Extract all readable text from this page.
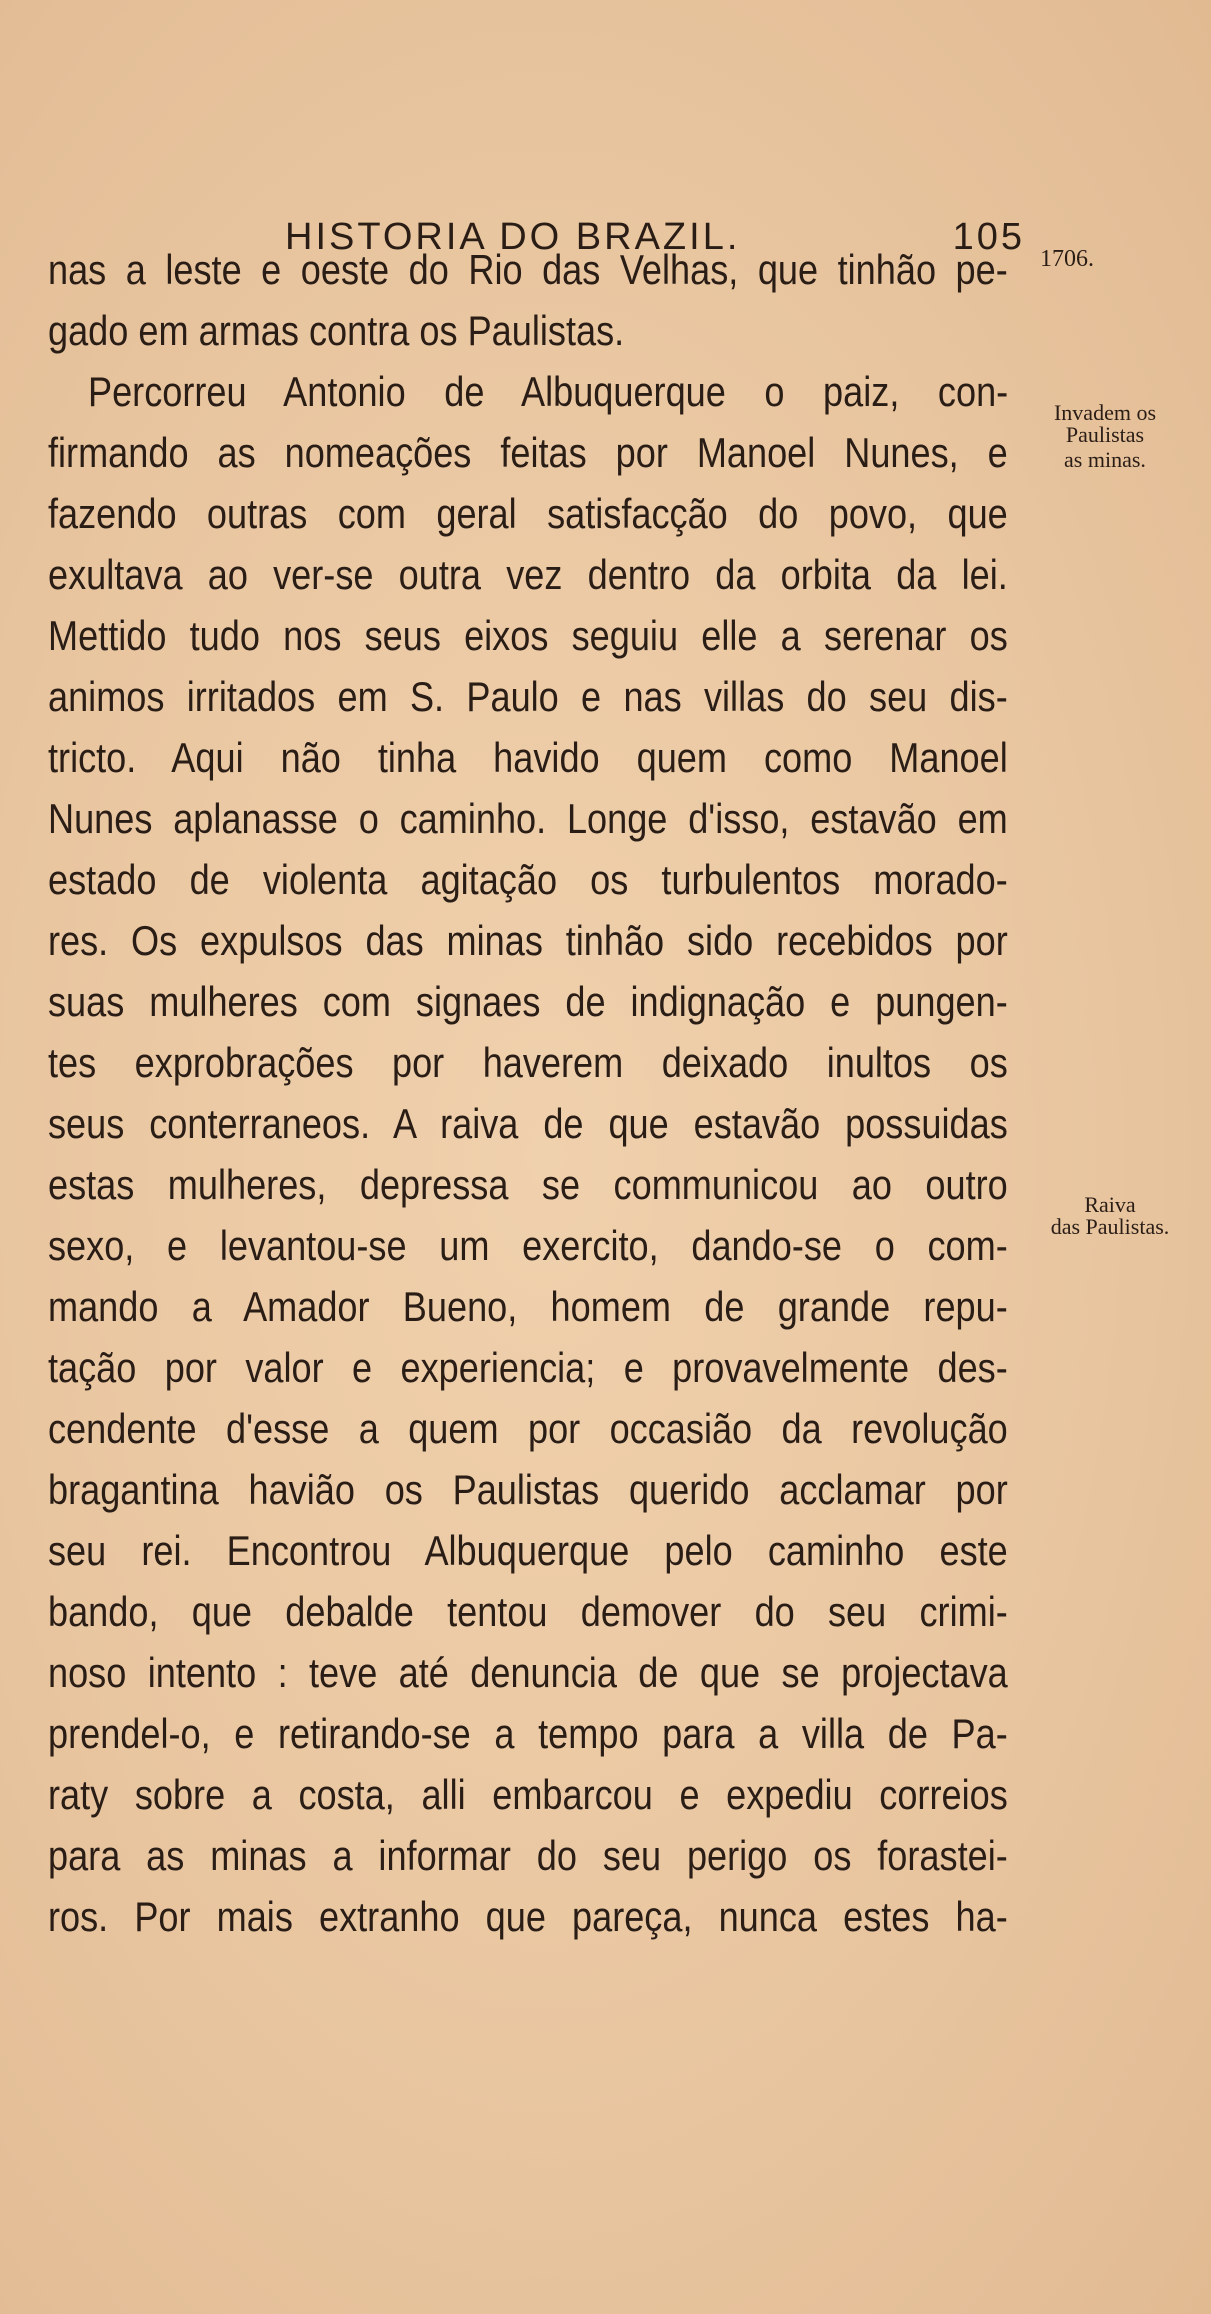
HISTORIA DO BRAZIL.	105
1706.
Invadem os
Paulistas
as minas.
Raiva
das Paulistas.
nas a leste e oeste do Rio das Velhas, que tinhão pe-
gado em armas contra os Paulistas.
Percorreu Antonio de Albuquerque o paiz, con-
firmando as nomeações feitas por Manoel Nunes, e
fazendo outras com geral satisfacção do povo, que
exultava ao ver-se outra vez dentro da orbita da lei.
Mettido tudo nos seus eixos seguiu elle a serenar os
animos irritados em S. Paulo e nas villas do seu dis-
tricto. Aqui não tinha havido quem como Manoel
Nunes aplanasse o caminho. Longe d'isso, estavão em
estado de violenta agitação os turbulentos morado-
res. Os expulsos das minas tinhão sido recebidos por
suas mulheres com signaes de indignação e pungen-
tes exprobrações por haverem deixado inultos os
seus conterraneos. A raiva de que estavão possuidas
estas mulheres, depressa se communicou ao outro
sexo, e levantou-se um exercito, dando-se o com-
mando a Amador Bueno, homem de grande repu-
tação por valor e experiencia; e provavelmente des-
cendente d'esse a quem por occasião da revolução
bragantina havião os Paulistas querido acclamar por
seu rei. Encontrou Albuquerque pelo caminho este
bando, que debalde tentou demover do seu crimi-
noso intento : teve até denuncia de que se projectava
prendel-o, e retirando-se a tempo para a villa de Pa-
raty sobre a costa, alli embarcou e expediu correios
para as minas a informar do seu perigo os forastei-
ros. Por mais extranho que pareça, nunca estes ha-
